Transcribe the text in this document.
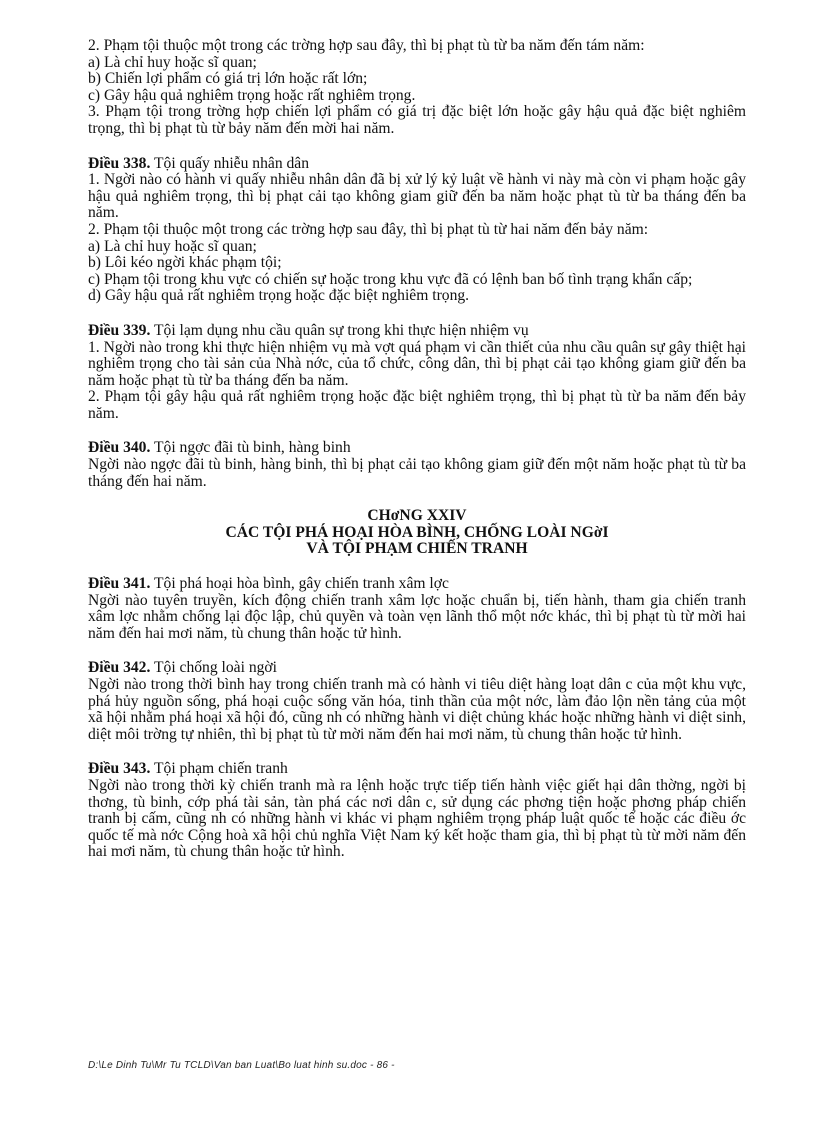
2. Phạm tội thuộc một trong các trờng hợp sau đây, thì bị phạt tù từ ba năm đến tám năm:

a) Là chỉ huy hoặc sĩ quan;

b) Chiến lợi phẩm có giá trị lớn hoặc rất lớn;

c) Gây hậu quả nghiêm trọng hoặc rất nghiêm trọng.

3. Phạm tội trong trờng hợp chiến lợi phẩm có giá trị đặc biệt lớn hoặc gây hậu quả đặc biệt nghiêm trọng, thì bị phạt tù từ bảy năm đến mời hai năm.

Điều 338. Tội quấy nhiễu nhân dân

1. Ngời nào có hành vi quấy nhiễu nhân dân đã bị xử lý kỷ luật về hành vi này mà còn vi phạm hoặc gây hậu quả nghiêm trọng, thì bị phạt cải tạo không giam giữ đến ba năm hoặc phạt tù từ ba tháng đến ba năm.

2. Phạm tội thuộc một trong các trờng hợp sau đây, thì bị phạt tù từ hai năm đến bảy năm:

a) Là chỉ huy hoặc sĩ quan;

b) Lôi kéo ngời khác phạm tội;

c) Phạm tội trong khu vực có chiến sự hoặc trong khu vực đã có lệnh ban bố tình trạng khẩn cấp;

d) Gây hậu quả rất nghiêm trọng hoặc đặc biệt nghiêm trọng.

Điều 339. Tội lạm dụng nhu cầu quân sự trong khi thực hiện nhiệm vụ

1. Ngời nào trong khi thực hiện nhiệm vụ mà vợt quá phạm vi cần thiết của nhu cầu quân sự gây thiệt hại nghiêm trọng cho tài sản của Nhà nớc, của tổ chức, công dân, thì bị phạt cải tạo không giam giữ đến ba năm hoặc phạt tù từ ba tháng đến ba năm.

2. Phạm tội gây hậu quả rất nghiêm trọng hoặc đặc biệt nghiêm trọng, thì bị phạt tù từ ba năm đến bảy năm.

Điều 340. Tội ngợc đãi tù binh, hàng binh

Ngời nào ngợc đãi tù binh, hàng binh, thì bị phạt cải tạo không giam giữ đến một năm hoặc phạt tù từ ba tháng đến hai năm.

CHơNG XXIV

CÁC TỘI PHÁ HOẠI HÒA BÌNH, CHỐNG LOÀI NGờI

VÀ TỘI PHẠM CHIẾN TRANH

Điều 341. Tội phá hoại hòa bình, gây chiến tranh xâm lợc

Ngời nào tuyên truyền, kích động chiến tranh xâm lợc hoặc chuẩn bị, tiến hành, tham gia chiến tranh xâm lợc nhằm chống lại độc lập, chủ quyền và toàn vẹn lãnh thổ một nớc khác, thì bị phạt tù từ mời hai năm đến hai mơi năm, tù chung thân hoặc tử hình.

Điều 342. Tội chống loài ngời

Ngời nào trong thời bình hay trong chiến tranh mà có hành vi tiêu diệt hàng loạt dân c của một khu vực, phá hủy nguồn sống, phá hoại cuộc sống văn hóa, tinh thần của một nớc, làm đảo lộn nền tảng của một xã hội nhằm phá hoại xã hội đó, cũng nh có những hành vi diệt chủng khác hoặc những hành vi diệt sinh, diệt môi trờng tự nhiên, thì bị phạt tù từ mời năm đến hai mơi năm, tù chung thân hoặc tử hình.

Điều 343. Tội phạm chiến tranh

Ngời nào trong thời kỳ chiến tranh mà ra lệnh hoặc trực tiếp tiến hành việc giết hại dân thờng, ngời bị thơng, tù binh, cớp phá tài sản, tàn phá các nơi dân c, sử dụng các phơng tiện hoặc phơng pháp chiến tranh bị cấm, cũng nh có những hành vi khác vi phạm nghiêm trọng pháp luật quốc tế hoặc các điều ớc quốc tế mà nớc Cộng hoà xã hội chủ nghĩa Việt Nam ký kết hoặc tham gia, thì bị phạt tù từ mời năm đến hai mơi năm, tù chung thân hoặc tử hình.

D:\Le Dinh Tu\Mr Tu TCLD\Van ban Luat\Bo luat hinh su.doc - 86 -
